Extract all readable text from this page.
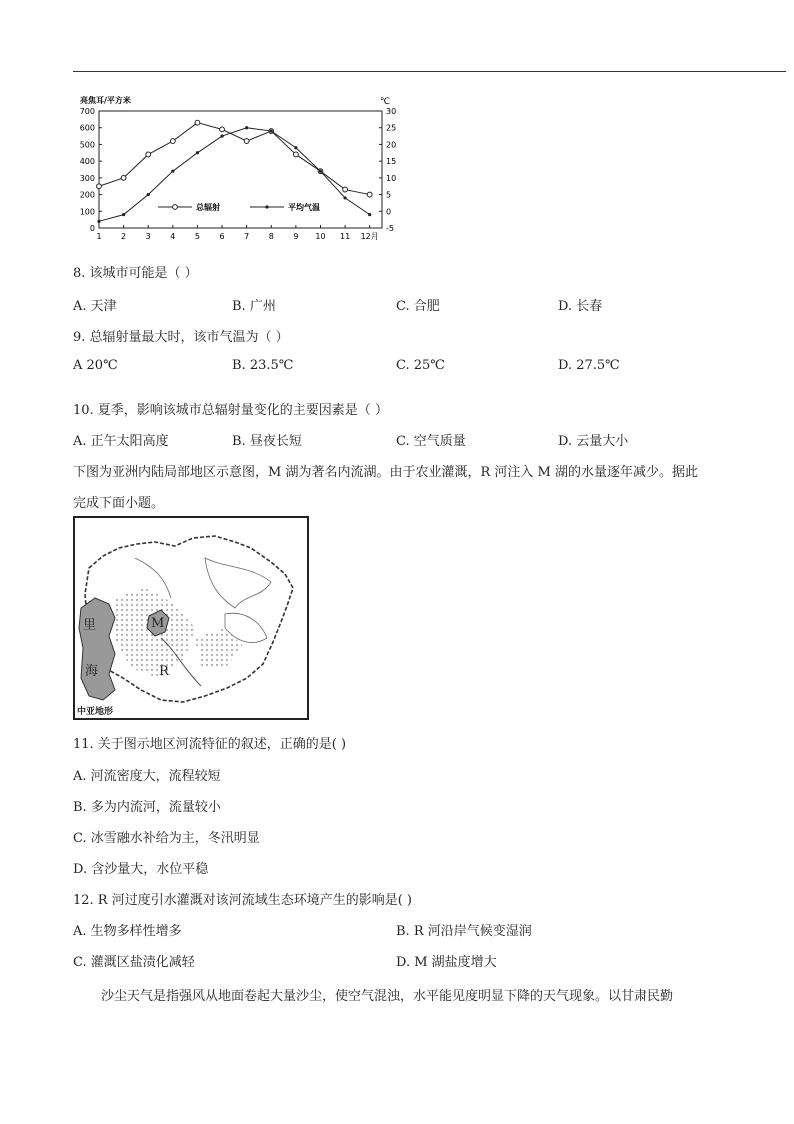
亮焦耳/平方米	℃
0
100
200
300
400
500
600
700
-5
0
5
10
15
20
25
30
1 2 3 4 5 6 7 8 9 10 11 12月
总辐射	平均气温
8. 该城市可能是（ ）
A. 天津	B. 广州	C. 合肥	D. 长春
9. 总辐射量最大时，该市气温为（ ）
A 20℃	B. 23.5℃	C. 25℃	D. 27.5℃
10. 夏季，影响该城市总辐射量变化的主要因素是（ ）
A. 正午太阳高度	B. 昼夜长短	C. 空气质量	D. 云量大小
下图为亚洲内陆局部地区示意图，M 湖为著名内流湖。由于农业灌溉，R 河注入 M 湖的水量逐年减少。据此
完成下面小题。
里
海
M
R
中亚地形
11. 关于图示地区河流特征的叙述，正确的是( )
A. 河流密度大，流程较短
B. 多为内流河，流量较小
C. 冰雪融水补给为主，冬汛明显
D. 含沙量大，水位平稳
12. R 河过度引水灌溉对该河流域生态环境产生的影响是( )
A. 生物多样性增多	B. R 河沿岸气候变湿润
C. 灌溉区盐渍化减轻	D. M 湖盐度增大
沙尘天气是指强风从地面卷起大量沙尘，使空气混浊，水平能见度明显下降的天气现象。以甘肃民勤
